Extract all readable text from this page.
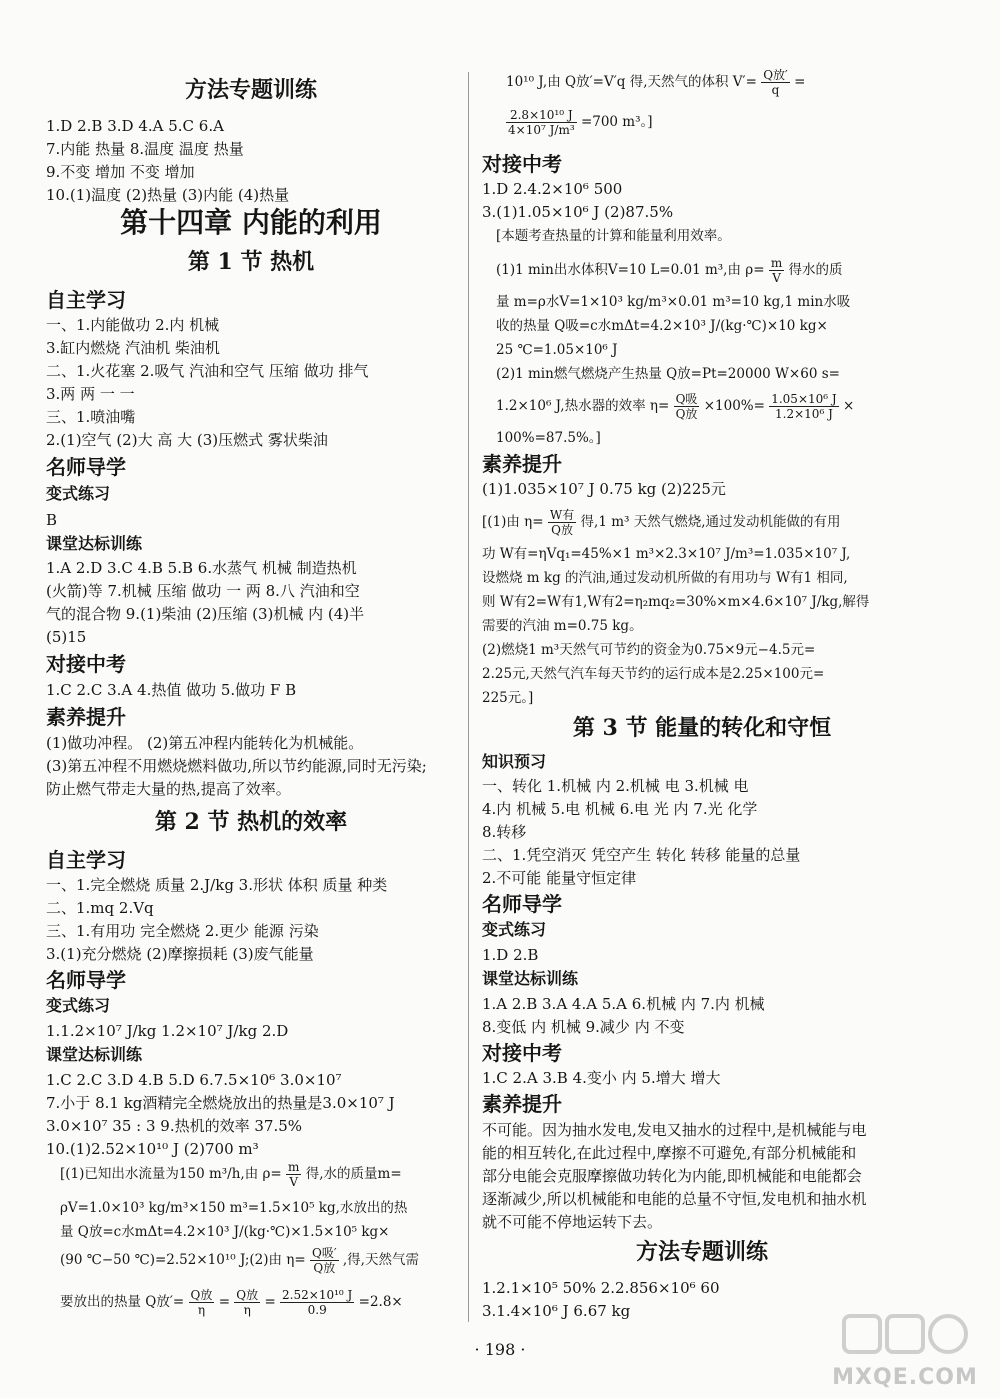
方法专题训练
1.D 2.B 3.D 4.A 5.C 6.A
7.内能 热量 8.温度 温度 热量
9.不变 增加 不变 增加
10.(1)温度 (2)热量 (3)内能 (4)热量
第十四章 内能的利用
第 1 节 热机
自主学习
一、1.内能做功 2.内 机械
3.缸内燃烧 汽油机 柴油机
二、1.火花塞 2.吸气 汽油和空气 压缩 做功 排气
3.两 两 一 一
三、1.喷油嘴
2.(1)空气 (2)大 高 大 (3)压燃式 雾状柴油
名师导学
变式练习
B
课堂达标训练
1.A 2.D 3.C 4.B 5.B 6.水蒸气 机械 制造热机
(火箭)等 7.机械 压缩 做功 一 两 8.八 汽油和空
气的混合物 9.(1)柴油 (2)压缩 (3)机械 内 (4)半
(5)15
对接中考
1.C 2.C 3.A 4.热值 做功 5.做功 F B
素养提升
(1)做功冲程。 (2)第五冲程内能转化为机械能。
(3)第五冲程不用燃烧燃料做功,所以节约能源,同时无污染;
防止燃气带走大量的热,提高了效率。
第 2 节 热机的效率
自主学习
一、1.完全燃烧 质量 2.J/kg 3.形状 体积 质量 种类
二、1.mq 2.Vq
三、1.有用功 完全燃烧 2.更少 能源 污染
3.(1)充分燃烧 (2)摩擦损耗 (3)废气能量
名师导学
变式练习
1.1.2×10⁷ J/kg 1.2×10⁷ J/kg 2.D
课堂达标训练
1.C 2.C 3.D 4.B 5.D 6.7.5×10⁶ 3.0×10⁷
7.小于 8.1 kg酒精完全燃烧放出的热量是3.0×10⁷ J
3.0×10⁷ 35 : 3 9.热机的效率 37.5%
10.(1)2.52×10¹⁰ J (2)700 m³
[(1)已知出水流量为150 m³/h,由 $\rho= \frac{m}{V}$ 得,水的质量m=
ρV=1.0×10³ kg/m³×150 m³=1.5×10⁵ kg,水放出的热
量 Q放=c水mΔt=4.2×10³ J/(kg·℃)×1.5×10⁵ kg×
(90 ℃−50 ℃)=2.52×10¹⁰ J;(2)由 $\eta= \frac{\text{Q吸′}}{\text{Q放}}$ ,得,天然气需
要放出的热量 Q放′= $\frac{\text{Q放}}{\eta} = \frac{\text{Q放}}{\eta} = \frac{\text{2.52×10¹⁰ J}}{0.9} =2.8\times$
10¹⁰ J,由 Q放′=V′q 得,天然气的体积 $V'= \frac{\text{Q放′}}{q}$ =
$\frac{\text{2.8×10¹⁰ J}}{\text{4×10⁷ J/m³}} =700$ m³。]
对接中考
1.D 2.4.2×10⁶ 500
3.(1)1.05×10⁶ J (2)87.5%
[本题考查热量的计算和能量利用效率。
(1)1 min出水体积V=10 L=0.01 m³,由 $\rho= \frac{m}{V}$ 得水的质
量 m=ρ水V=1×10³ kg/m³×0.01 m³=10 kg,1 min水吸
收的热量 Q吸=c水mΔt=4.2×10³ J/(kg·℃)×10 kg×
25 ℃=1.05×10⁶ J
(2)1 min燃气燃烧产生热量 Q放=Pt=20000 W×60 s=
1.2×10⁶ J,热水器的效率 $\eta= \frac{\text{Q吸}}{\text{Q放}} \times 100\%= \frac{\text{1.05×10⁶ J}}{\text{1.2×10⁶ J}}$ ×
100%=87.5%。]
素养提升
(1)1.035×10⁷ J 0.75 kg (2)225元
[(1)由 $\eta= \frac{\text{W有}}{\text{Q放}}$ 得,1 m³ 天然气燃烧,通过发动机能做的有用
功 W有=ηVq₁=45%×1 m³×2.3×10⁷ J/m³=1.035×10⁷ J,
设燃烧 m kg 的汽油,通过发动机所做的有用功与 W有1 相同,
则 W有2=W有1,W有2=η₂mq₂=30%×m×4.6×10⁷ J/kg,解得
需要的汽油 m=0.75 kg。
(2)燃烧1 m³天然气可节约的资金为0.75×9元−4.5元=
2.25元,天然气汽车每天节约的运行成本是2.25×100元=
225元。]
第 3 节 能量的转化和守恒
知识预习
一、转化 1.机械 内 2.机械 电 3.机械 电
4.内 机械 5.电 机械 6.电 光 内 7.光 化学
8.转移
二、1.凭空消灭 凭空产生 转化 转移 能量的总量
2.不可能 能量守恒定律
名师导学
变式练习
1.D 2.B
课堂达标训练
1.A 2.B 3.A 4.A 5.A 6.机械 内 7.内 机械
8.变低 内 机械 9.减少 内 不变
对接中考
1.C 2.A 3.B 4.变小 内 5.增大 增大
素养提升
不可能。因为抽水发电,发电又抽水的过程中,是机械能与电
能的相互转化,在此过程中,摩擦不可避免,有部分机械能和
部分电能会克服摩擦做功转化为内能,即机械能和电能都会
逐渐减少,所以机械能和电能的总量不守恒,发电机和抽水机
就不可能不停地运转下去。
方法专题训练
1.2.1×10⁵ 50% 2.2.856×10⁶ 60
3.1.4×10⁶ J 6.67 kg
· 198 ·
MXQE.COM
